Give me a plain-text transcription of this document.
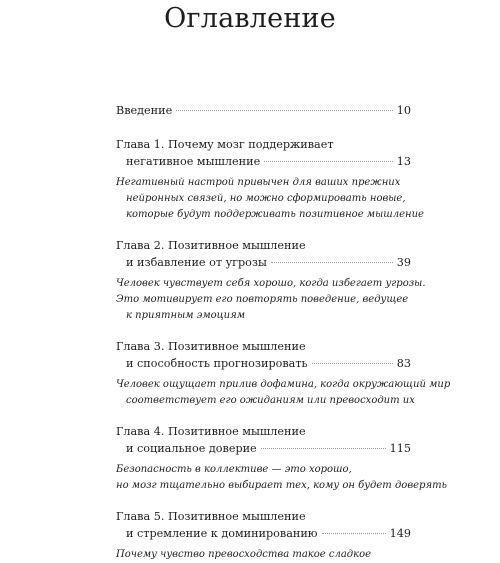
Оглавление
Введение	10
Глава 1. Почему мозг поддерживает
негативное мышление	13
Негативный настрой привычен для ваших прежних
нейронных связей, но можно сформировать новые,
которые будут поддерживать позитивное мышление
Глава 2. Позитивное мышление
и избавление от угрозы	39
Человек чувствует себя хорошо, когда избегает угрозы.
Это мотивирует его повторять поведение, ведущее
к приятным эмоциям
Глава 3. Позитивное мышление
и способность прогнозировать	83
Человек ощущает прилив дофамина, когда окружающий мир
соответствует его ожиданиям или превосходит их
Глава 4. Позитивное мышление
и социальное доверие	115
Безопасность в коллективе — это хорошо,
но мозг тщательно выбирает тех, кому он будет доверять
Глава 5. Позитивное мышление
и стремление к доминированию	149
Почему чувство превосходства такое сладкое
